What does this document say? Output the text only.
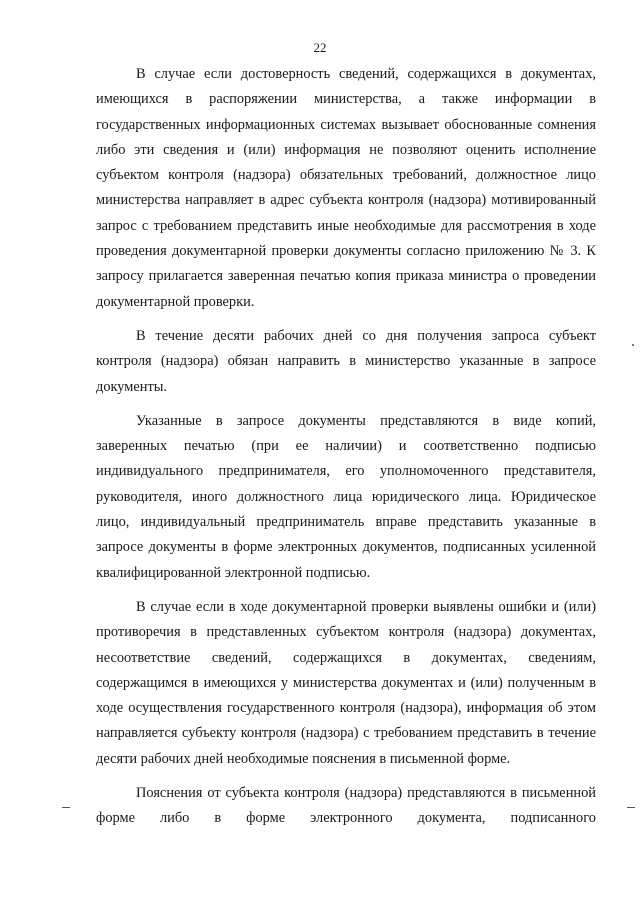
22

В случае если достоверность сведений, содержащихся в документах, имеющихся в распоряжении министерства, а также информации в государственных информационных системах вызывает обоснованные сомнения либо эти сведения и (или) информация не позволяют оценить исполнение субъектом контроля (надзора) обязательных требований, должностное лицо министерства направляет в адрес субъекта контроля (надзора) мотивированный запрос с требованием представить иные необходимые для рассмотрения в ходе проведения документарной проверки документы согласно приложению № 3. К запросу прилагается заверенная печатью копия приказа министра о проведении документарной проверки.

В течение десяти рабочих дней со дня получения запроса субъект контроля (надзора) обязан направить в министерство указанные в запросе документы.

Указанные в запросе документы представляются в виде копий, заверенных печатью (при ее наличии) и соответственно подписью индивидуального предпринимателя, его уполномоченного представителя, руководителя, иного должностного лица юридического лица. Юридическое лицо, индивидуальный предприниматель вправе представить указанные в запросе документы в форме электронных документов, подписанных усиленной квалифицированной электронной подписью.

В случае если в ходе документарной проверки выявлены ошибки и (или) противоречия в представленных субъектом контроля (надзора) документах, несоответствие сведений, содержащихся в документах, сведениям, содержащимся в имеющихся у министерства документах и (или) полученным в ходе осуществления государственного контроля (надзора), информация об этом направляется субъекту контроля (надзора) с требованием представить в течение десяти рабочих дней необходимые пояснения в письменной форме.

Пояснения от субъекта контроля (надзора) представляются в письменной форме либо в форме электронного документа, подписанного
